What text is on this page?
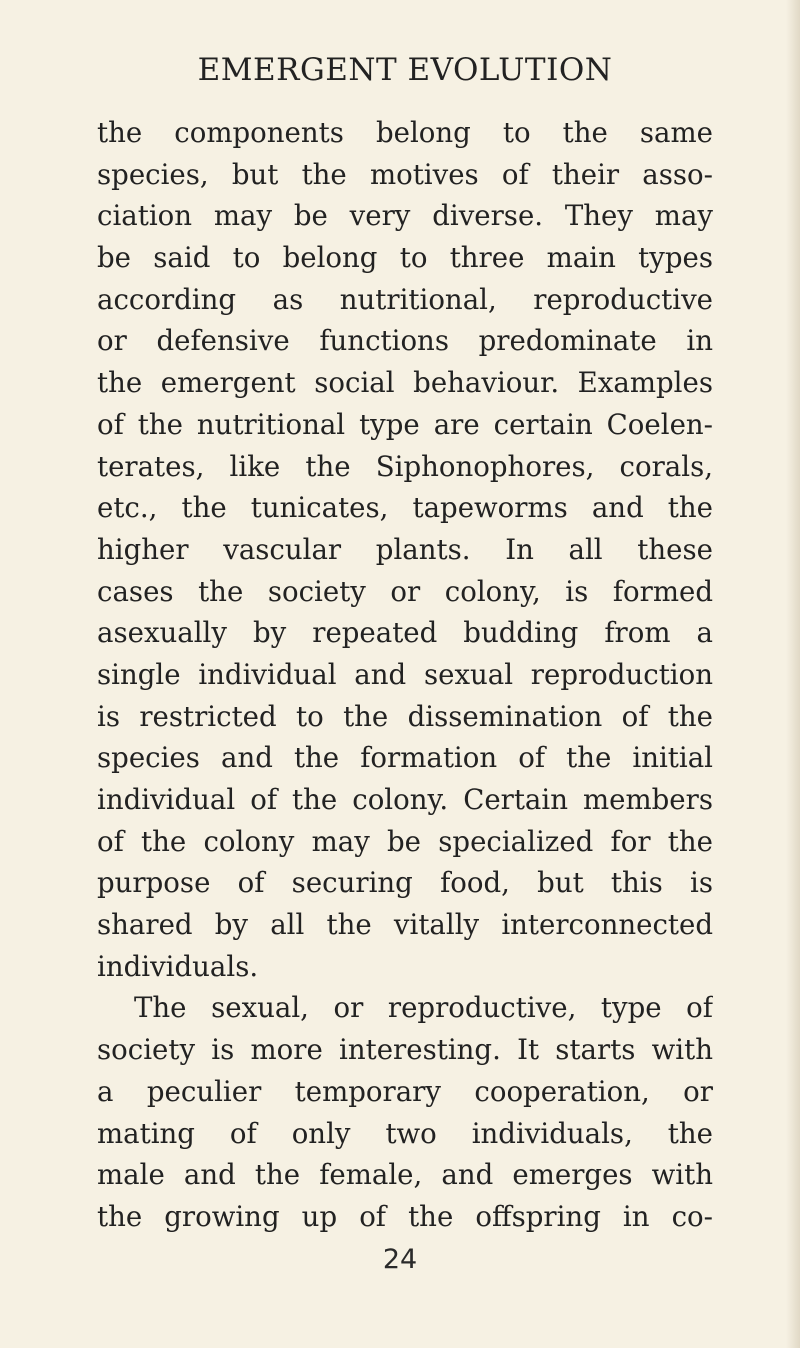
EMERGENT EVOLUTION
the components belong to the same
species, but the motives of their asso-
ciation may be very diverse. They may
be said to belong to three main types
according as nutritional, reproductive
or defensive functions predominate in
the emergent social behaviour. Examples
of the nutritional type are certain Coelen-
terates, like the Siphonophores, corals,
etc., the tunicates, tapeworms and the
higher vascular plants. In all these
cases the society or colony, is formed
asexually by repeated budding from a
single individual and sexual reproduction
is restricted to the dissemination of the
species and the formation of the initial
individual of the colony. Certain members
of the colony may be specialized for the
purpose of securing food, but this is
shared by all the vitally interconnected
individuals.
The sexual, or reproductive, type of
society is more interesting. It starts with
a peculier temporary cooperation, or
mating of only two individuals, the
male and the female, and emerges with
the growing up of the offspring in co-
24
